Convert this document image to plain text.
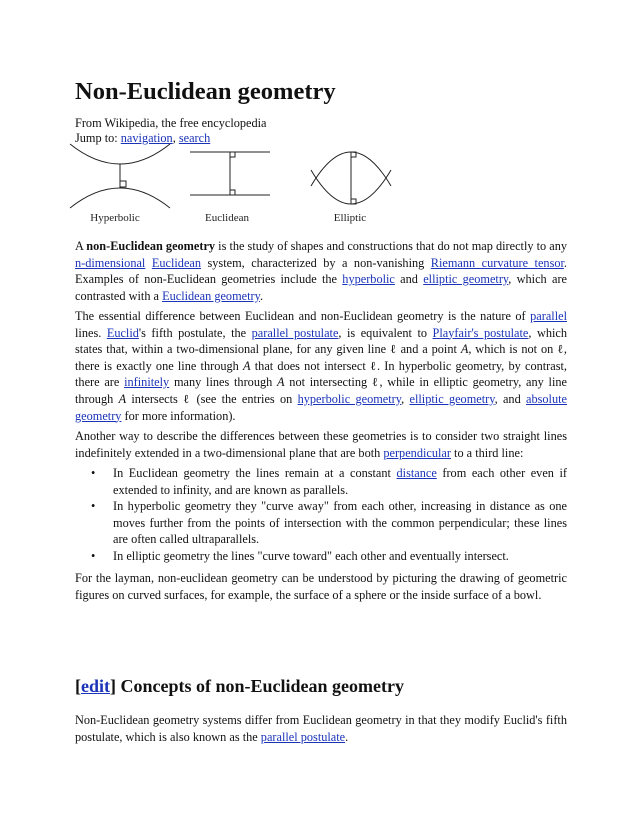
Non-Euclidean geometry
From Wikipedia, the free encyclopedia
Jump to: navigation, search
Hyperbolic	Euclidean	Elliptic
A non-Euclidean geometry is the study of shapes and constructions that do not map directly to any n-dimensional Euclidean system, characterized by a non-vanishing Riemann curvature tensor. Examples of non-Euclidean geometries include the hyperbolic and elliptic geometry, which are contrasted with a Euclidean geometry.
The essential difference between Euclidean and non-Euclidean geometry is the nature of parallel lines. Euclid's fifth postulate, the parallel postulate, is equivalent to Playfair's postulate, which states that, within a two-dimensional plane, for any given line ℓ and a point A, which is not on ℓ, there is exactly one line through A that does not intersect ℓ. In hyperbolic geometry, by contrast, there are infinitely many lines through A not intersecting ℓ, while in elliptic geometry, any line through A intersects ℓ (see the entries on hyperbolic geometry, elliptic geometry, and absolute geometry for more information).
Another way to describe the differences between these geometries is to consider two straight lines indefinitely extended in a two-dimensional plane that are both perpendicular to a third line:
• In Euclidean geometry the lines remain at a constant distance from each other even if extended to infinity, and are known as parallels.
• In hyperbolic geometry they "curve away" from each other, increasing in distance as one moves further from the points of intersection with the common perpendicular; these lines are often called ultraparallels.
• In elliptic geometry the lines "curve toward" each other and eventually intersect.
For the layman, non-euclidean geometry can be understood by picturing the drawing of geometric figures on curved surfaces, for example, the surface of a sphere or the inside surface of a bowl.
[edit] Concepts of non-Euclidean geometry
Non-Euclidean geometry systems differ from Euclidean geometry in that they modify Euclid's fifth postulate, which is also known as the parallel postulate.
